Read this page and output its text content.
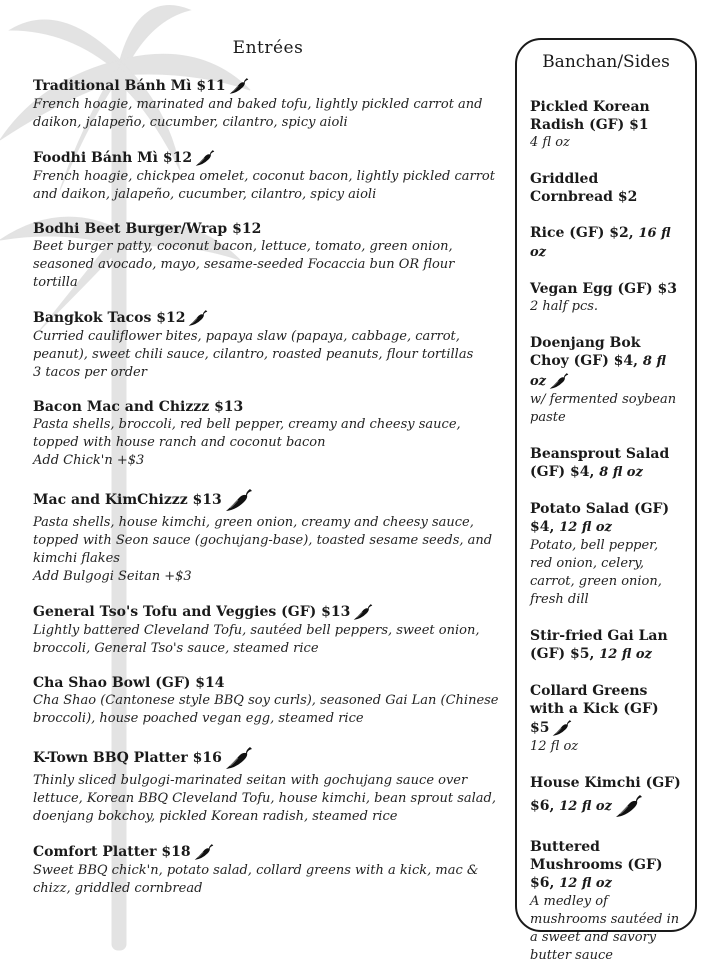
Entrées
Traditional Bánh Mì $11
French hoagie, marinated and baked tofu, lightly pickled carrot and daikon, jalapeño, cucumber, cilantro, spicy aioli
Foodhi Bánh Mì $12
French hoagie, chickpea omelet, coconut bacon, lightly pickled carrot and daikon, jalapeño, cucumber, cilantro, spicy aioli
Bodhi Beet Burger/Wrap $12
Beet burger patty, coconut bacon, lettuce, tomato, green onion, seasoned avocado, mayo, sesame-seeded Focaccia bun OR flour tortilla
Bangkok Tacos $12
Curried cauliflower bites, papaya slaw (papaya, cabbage, carrot, peanut), sweet chili sauce, cilantro, roasted peanuts, flour tortillas
3 tacos per order
Bacon Mac and Chizzz $13
Pasta shells, broccoli, red bell pepper, creamy and cheesy sauce, topped with house ranch and coconut bacon
Add Chick'n +$3
Mac and KimChizzz $13
Pasta shells, house kimchi, green onion, creamy and cheesy sauce, topped with Seon sauce (gochujang-base), toasted sesame seeds, and kimchi flakes
Add Bulgogi Seitan +$3
General Tso's Tofu and Veggies (GF) $13
Lightly battered Cleveland Tofu, sautéed bell peppers, sweet onion, broccoli, General Tso's sauce, steamed rice
Cha Shao Bowl (GF) $14
Cha Shao (Cantonese style BBQ soy curls), seasoned Gai Lan (Chinese broccoli), house poached vegan egg, steamed rice
K-Town BBQ Platter $16
Thinly sliced bulgogi-marinated seitan with gochujang sauce over lettuce, Korean BBQ Cleveland Tofu, house kimchi, bean sprout salad, doenjang bokchoy, pickled Korean radish, steamed rice
Comfort Platter $18
Sweet BBQ chick'n, potato salad, collard greens with a kick, mac & chizz, griddled cornbread
Banchan/Sides
Pickled Korean Radish (GF) $1
4 fl oz
Griddled Cornbread $2
Rice (GF) $2, 16 fl oz
Vegan Egg (GF) $3
2 half pcs.
Doenjang Bok Choy (GF) $4, 8 fl oz
w/ fermented soybean paste
Beansprout Salad (GF) $4, 8 fl oz
Potato Salad (GF) $4, 12 fl oz
Potato, bell pepper, red onion, celery, carrot, green onion, fresh dill
Stir-fried Gai Lan (GF) $5, 12 fl oz
Collard Greens with a Kick (GF) $5
12 fl oz
House Kimchi (GF) $6, 12 fl oz
Buttered Mushrooms (GF) $6, 12 fl oz
A medley of mushrooms sautéed in a sweet and savory butter sauce
